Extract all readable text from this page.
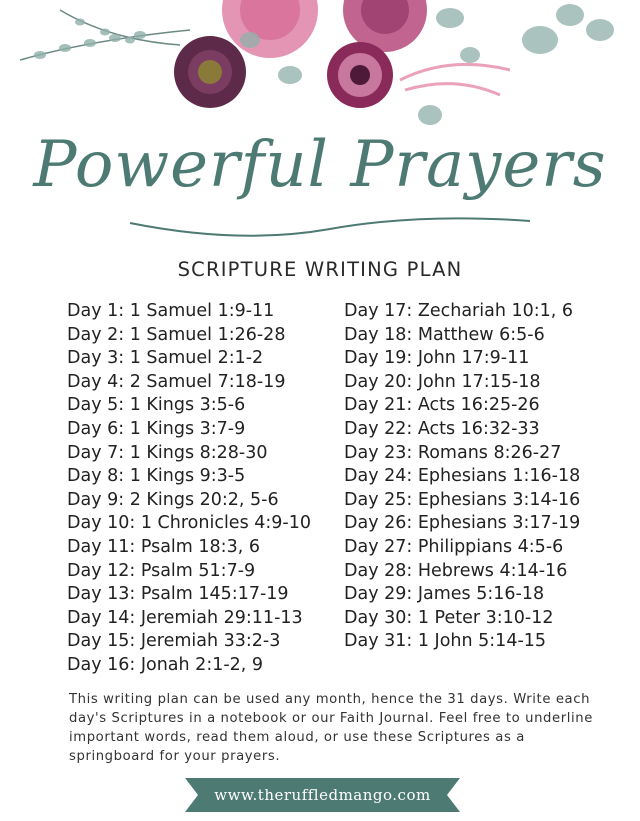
Powerful Prayers
SCRIPTURE WRITING PLAN
Day 1: 1 Samuel 1:9-11
Day 2: 1 Samuel 1:26-28
Day 3: 1 Samuel 2:1-2
Day 4: 2 Samuel 7:18-19
Day 5: 1 Kings 3:5-6
Day 6: 1 Kings 3:7-9
Day 7: 1 Kings 8:28-30
Day 8: 1 Kings 9:3-5
Day 9: 2 Kings 20:2, 5-6
Day 10: 1 Chronicles 4:9-10
Day 11: Psalm 18:3, 6
Day 12: Psalm 51:7-9
Day 13: Psalm 145:17-19
Day 14: Jeremiah 29:11-13
Day 15: Jeremiah 33:2-3
Day 16: Jonah 2:1-2, 9
Day 17: Zechariah 10:1, 6
Day 18: Matthew 6:5-6
Day 19: John 17:9-11
Day 20: John 17:15-18
Day 21: Acts 16:25-26
Day 22: Acts 16:32-33
Day 23: Romans 8:26-27
Day 24: Ephesians 1:16-18
Day 25: Ephesians 3:14-16
Day 26: Ephesians 3:17-19
Day 27: Philippians 4:5-6
Day 28: Hebrews 4:14-16
Day 29: James 5:16-18
Day 30: 1 Peter 3:10-12
Day 31: 1 John 5:14-15
This writing plan can be used any month, hence the 31 days. Write each day's Scriptures in a notebook or our Faith Journal. Feel free to underline important words, read them aloud, or use these Scriptures as a springboard for your prayers.
www.theruffledmango.com
